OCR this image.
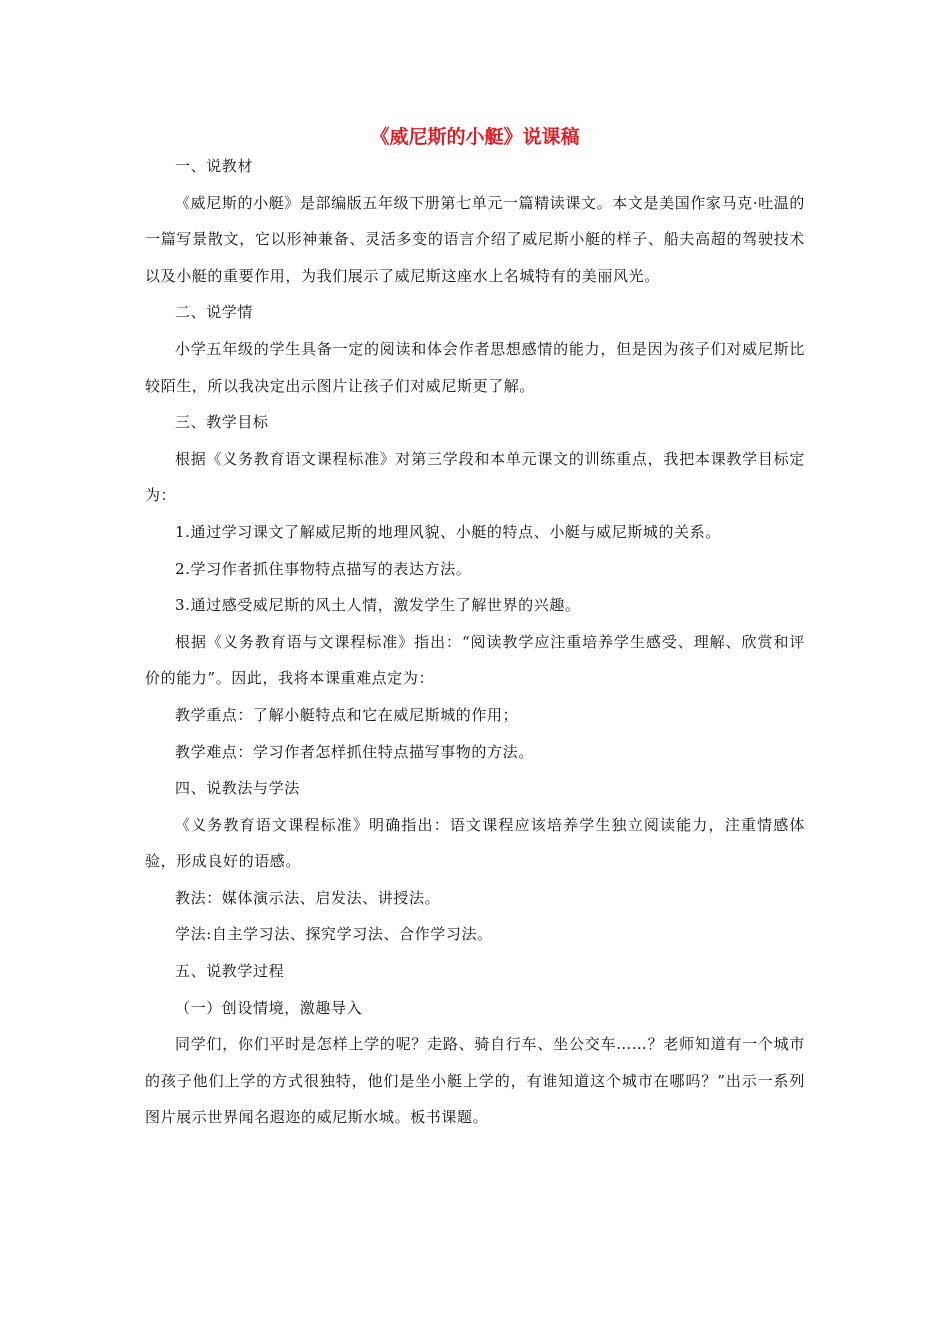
《威尼斯的小艇》说课稿
一、说教材
《威尼斯的小艇》是部编版五年级下册第七单元一篇精读课文。本文是美国作家马克·吐温的一篇写景散文，它以形神兼备、灵活多变的语言介绍了威尼斯小艇的样子、船夫高超的驾驶技术以及小艇的重要作用，为我们展示了威尼斯这座水上名城特有的美丽风光。
二、说学情
小学五年级的学生具备一定的阅读和体会作者思想感情的能力，但是因为孩子们对威尼斯比较陌生，所以我决定出示图片让孩子们对威尼斯更了解。
三、教学目标
根据《义务教育语文课程标准》对第三学段和本单元课文的训练重点，我把本课教学目标定为：
1.通过学习课文了解威尼斯的地理风貌、小艇的特点、小艇与威尼斯城的关系。
2.学习作者抓住事物特点描写的表达方法。
3.通过感受威尼斯的风土人情，激发学生了解世界的兴趣。
根据《义务教育语与文课程标准》指出：“阅读教学应注重培养学生感受、理解、欣赏和评价的能力”。因此，我将本课重难点定为：
教学重点：了解小艇特点和它在威尼斯城的作用；
教学难点：学习作者怎样抓住特点描写事物的方法。
四、说教法与学法
《义务教育语文课程标准》明确指出：语文课程应该培养学生独立阅读能力，注重情感体验，形成良好的语感。
教法：媒体演示法、启发法、讲授法。
学法:自主学习法、探究学习法、合作学习法。
五、说教学过程
（一）创设情境，激趣导入
同学们，你们平时是怎样上学的呢？走路、骑自行车、坐公交车……？老师知道有一个城市的孩子他们上学的方式很独特，他们是坐小艇上学的，有谁知道这个城市在哪吗？”出示一系列图片展示世界闻名遐迩的威尼斯水城。板书课题。
